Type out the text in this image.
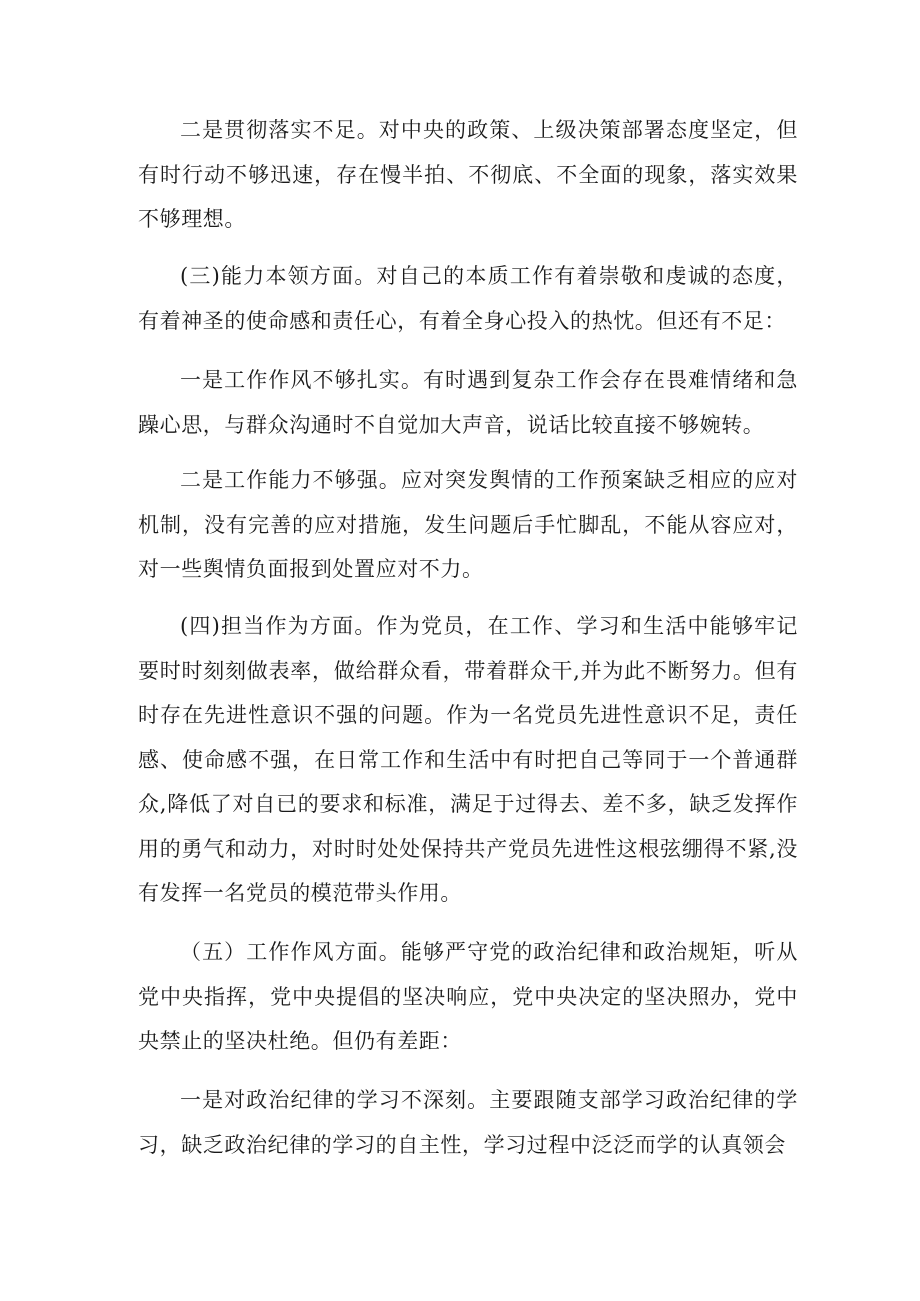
二是贯彻落实不足。对中央的政策、上级决策部署态度坚定，但有时行动不够迅速，存在慢半拍、不彻底、不全面的现象，落实效果不够理想。

(三)能力本领方面。对自己的本质工作有着崇敬和虔诚的态度，有着神圣的使命感和责任心，有着全身心投入的热忱。但还有不足：

一是工作作风不够扎实。有时遇到复杂工作会存在畏难情绪和急躁心思，与群众沟通时不自觉加大声音，说话比较直接不够婉转。

二是工作能力不够强。应对突发舆情的工作预案缺乏相应的应对机制，没有完善的应对措施，发生问题后手忙脚乱，不能从容应对，对一些舆情负面报到处置应对不力。

(四)担当作为方面。作为党员，在工作、学习和生活中能够牢记要时时刻刻做表率，做给群众看，带着群众干,并为此不断努力。但有时存在先进性意识不强的问题。作为一名党员先进性意识不足，责任感、使命感不强，在日常工作和生活中有时把自己等同于一个普通群众,降低了对自已的要求和标准，满足于过得去、差不多，缺乏发挥作用的勇气和动力，对时时处处保持共产党员先进性这根弦绷得不紧,没有发挥一名党员的模范带头作用。

（五）工作作风方面。能够严守党的政治纪律和政治规矩，听从党中央指挥，党中央提倡的坚决响应，党中央决定的坚决照办，党中央禁止的坚决杜绝。但仍有差距：

一是对政治纪律的学习不深刻。主要跟随支部学习政治纪律的学习，缺乏政治纪律的学习的自主性，学习过程中泛泛而学的认真领会
